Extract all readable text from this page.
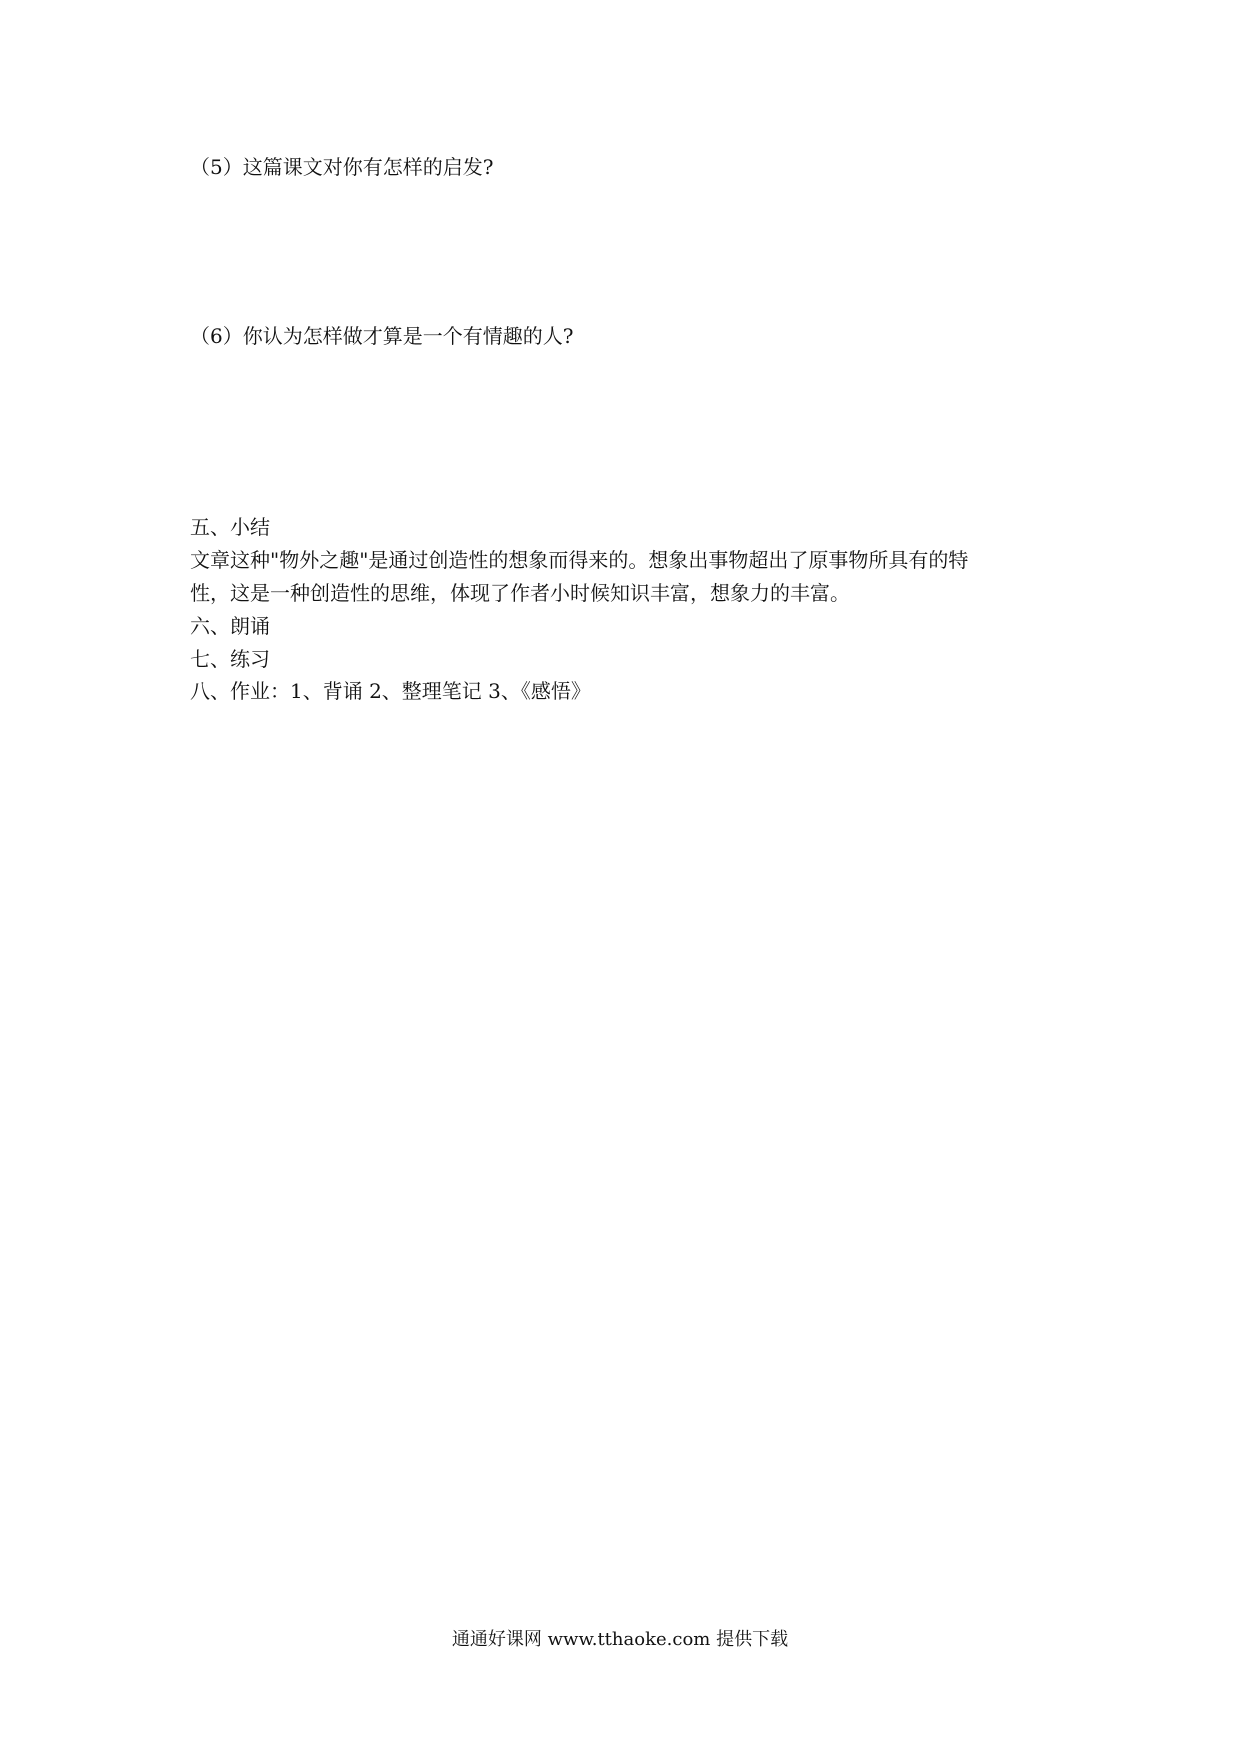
（5）这篇课文对你有怎样的启发?
（6）你认为怎样做才算是一个有情趣的人?
五、小结
文章这种"物外之趣"是通过创造性的想象而得来的。想象出事物超出了原事物所具有的特
性，这是一种创造性的思维，体现了作者小时候知识丰富，想象力的丰富。
六、朗诵
七、练习
八、作业：1、背诵 2、整理笔记 3、《感悟》
通通好课网 www.tthaoke.com 提供下载
